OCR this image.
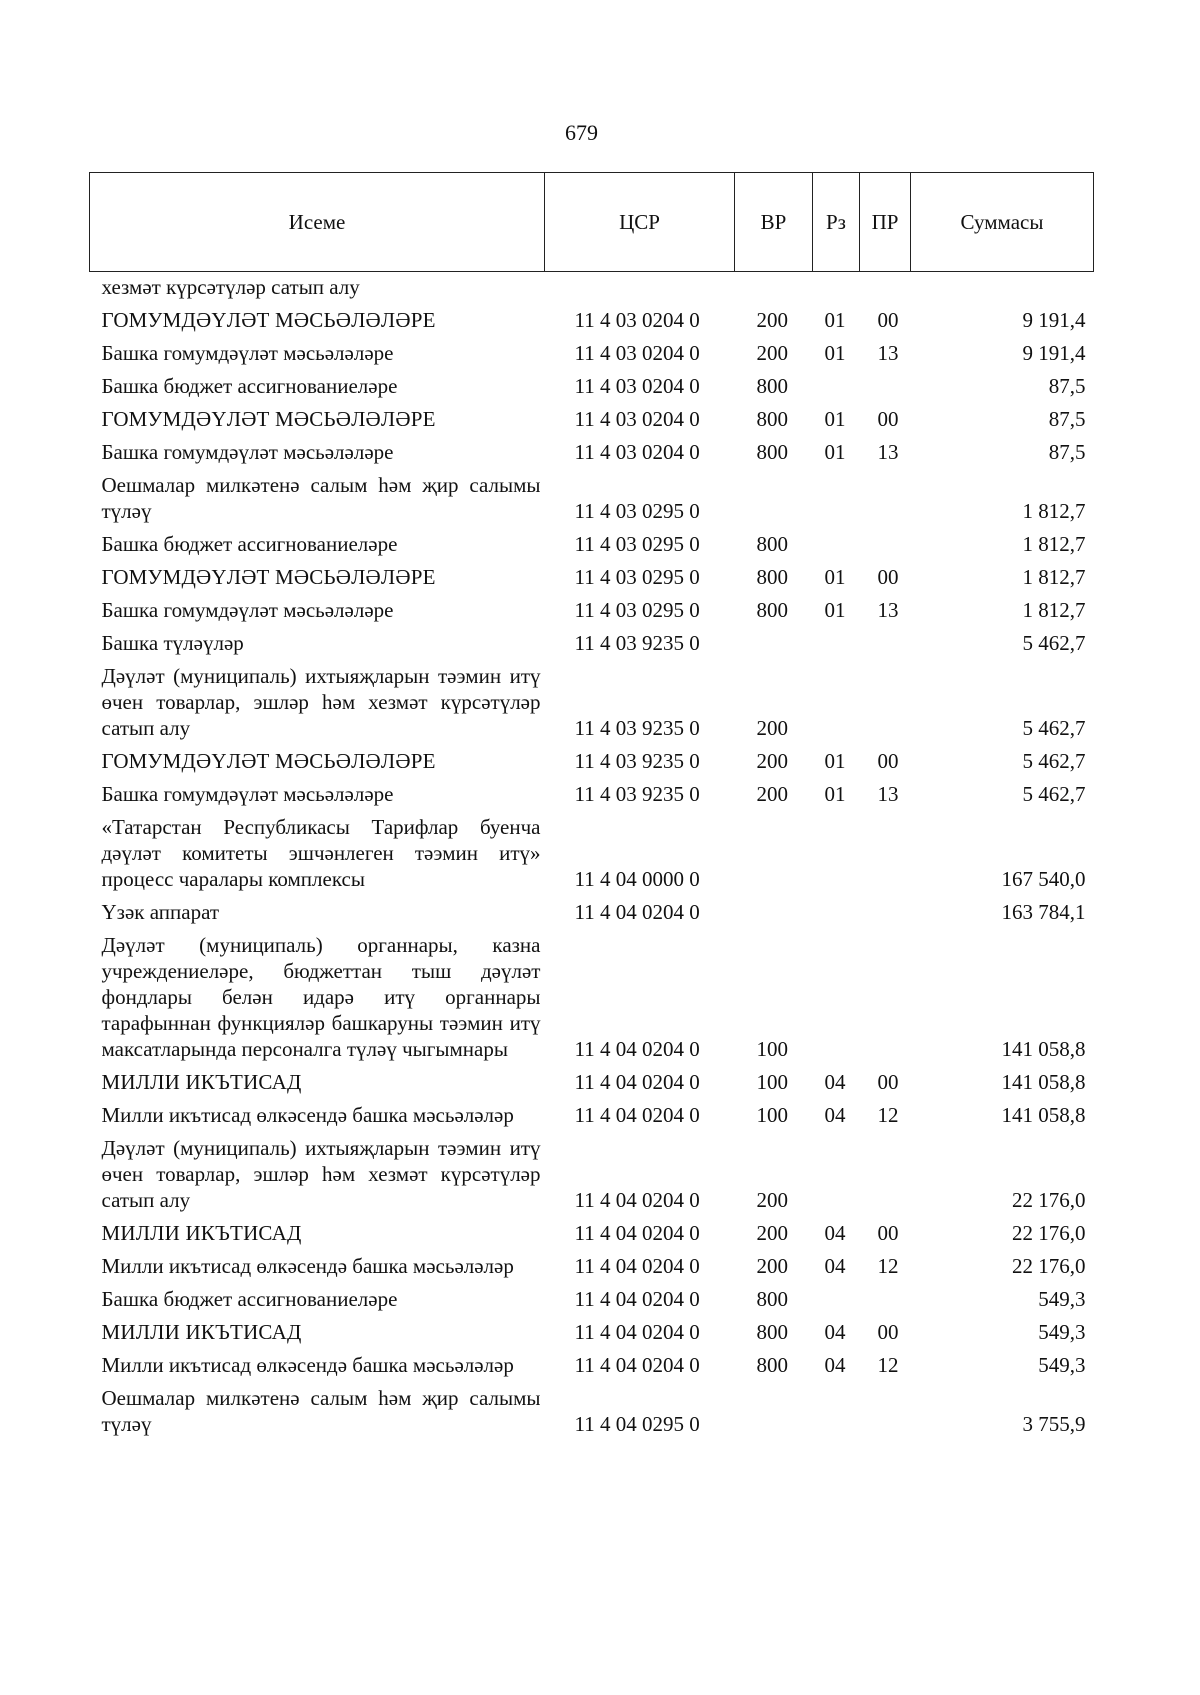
679
Исеме	ЦСР	ВР	Рз	ПР	Суммасы
хезмәт күрсәтүләр сатып алу					
ГОМУМДӘҮЛӘТ МӘСЬӘЛӘЛӘРЕ	11 4 03 0204 0	200	01	00	9 191,4
Башка гомумдәүләт мәсьәләләре	11 4 03 0204 0	200	01	13	9 191,4
Башка бюджет ассигнованиеләре	11 4 03 0204 0	800			87,5
ГОМУМДӘҮЛӘТ МӘСЬӘЛӘЛӘРЕ	11 4 03 0204 0	800	01	00	87,5
Башка гомумдәүләт мәсьәләләре	11 4 03 0204 0	800	01	13	87,5
Оешмалар милкәтенә салым һәм җир салымы түләү	11 4 03 0295 0				1 812,7
Башка бюджет ассигнованиеләре	11 4 03 0295 0	800			1 812,7
ГОМУМДӘҮЛӘТ МӘСЬӘЛӘЛӘРЕ	11 4 03 0295 0	800	01	00	1 812,7
Башка гомумдәүләт мәсьәләләре	11 4 03 0295 0	800	01	13	1 812,7
Башка түләүләр	11 4 03 9235 0				5 462,7
Дәүләт (муниципаль) ихтыяҗларын тәэмин итү өчен товарлар, эшләр һәм хезмәт күрсәтүләр сатып алу	11 4 03 9235 0	200			5 462,7
ГОМУМДӘҮЛӘТ МӘСЬӘЛӘЛӘРЕ	11 4 03 9235 0	200	01	00	5 462,7
Башка гомумдәүләт мәсьәләләре	11 4 03 9235 0	200	01	13	5 462,7
«Татарстан Республикасы Тарифлар буенча дәүләт комитеты эшчәнлеген тәэмин итү» процесс чаралары комплексы	11 4 04 0000 0				167 540,0
Үзәк аппарат	11 4 04 0204 0				163 784,1
Дәүләт (муниципаль) органнары, казна учреждениеләре, бюджеттан тыш дәүләт фондлары белән идарә итү органнары тарафыннан функцияләр башкаруны тәэмин итү максатларында персоналга түләү чыгымнары	11 4 04 0204 0	100			141 058,8
МИЛЛИ ИКЪТИСАД	11 4 04 0204 0	100	04	00	141 058,8
Милли икътисад өлкәсендә башка мәсьәләләр	11 4 04 0204 0	100	04	12	141 058,8
Дәүләт (муниципаль) ихтыяҗларын тәэмин итү өчен товарлар, эшләр һәм хезмәт күрсәтүләр сатып алу	11 4 04 0204 0	200			22 176,0
МИЛЛИ ИКЪТИСАД	11 4 04 0204 0	200	04	00	22 176,0
Милли икътисад өлкәсендә башка мәсьәләләр	11 4 04 0204 0	200	04	12	22 176,0
Башка бюджет ассигнованиеләре	11 4 04 0204 0	800			549,3
МИЛЛИ ИКЪТИСАД	11 4 04 0204 0	800	04	00	549,3
Милли икътисад өлкәсендә башка мәсьәләләр	11 4 04 0204 0	800	04	12	549,3
Оешмалар милкәтенә салым һәм җир салымы түләү	11 4 04 0295 0				3 755,9
